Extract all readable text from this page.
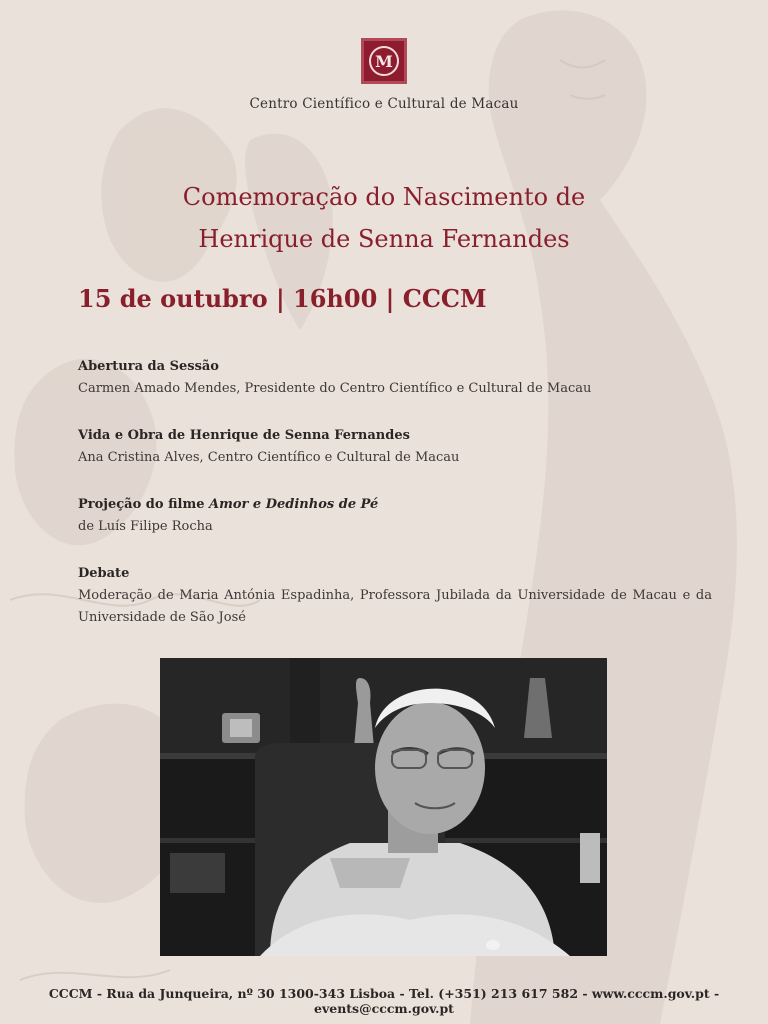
M
Centro Científico e Cultural de Macau
Comemoração do Nascimento de
Henrique de Senna Fernandes
15 de outubro | 16h00 | CCCM
Abertura da Sessão
Carmen Amado Mendes, Presidente do Centro Científico e Cultural de Macau
Vida e Obra de Henrique de Senna Fernandes
Ana Cristina Alves, Centro Científico e Cultural de Macau
Projeção do filme Amor e Dedinhos de Pé
de Luís Filipe Rocha
Debate
Moderação de Maria Antónia Espadinha, Professora Jubilada da Universidade de Macau e da Universidade de São José
CCCM - Rua da Junqueira, nº 30 1300-343 Lisboa - Tel. (+351) 213 617 582 - www.cccm.gov.pt - events@cccm.gov.pt
